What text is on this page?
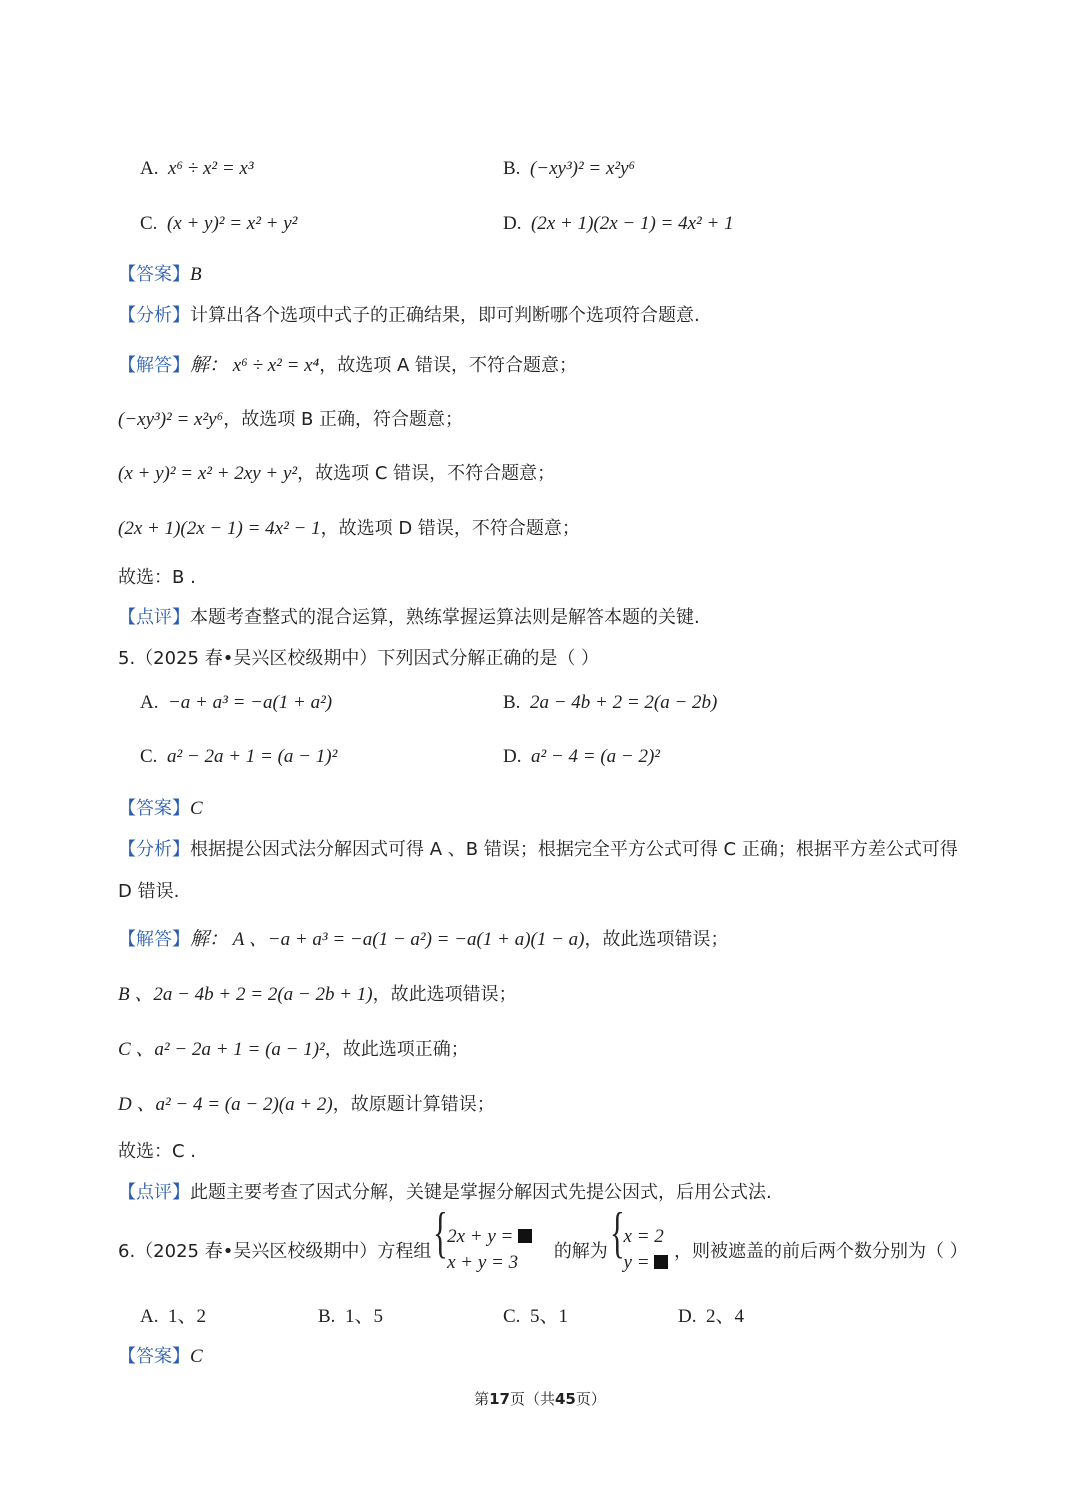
A. x⁶ ÷ x² = x³	B. (−xy³)² = x²y⁶
C. (x + y)² = x² + y²	D. (2x + 1)(2x − 1) = 4x² + 1
【答案】B
【分析】计算出各个选项中式子的正确结果，即可判断哪个选项符合题意.
【解答】解： x⁶ ÷ x² = x⁴，故选项 A 错误，不符合题意；
(−xy³)² = x²y⁶，故选项 B 正确，符合题意；
(x + y)² = x² + 2xy + y²，故选项 C 错误，不符合题意；
(2x + 1)(2x − 1) = 4x² − 1，故选项 D 错误，不符合题意；
故选：B .
【点评】本题考查整式的混合运算，熟练掌握运算法则是解答本题的关键.
5.（2025 春•吴兴区校级期中）下列因式分解正确的是（ ）
A. −a + a³ = −a(1 + a²)	B. 2a − 4b + 2 = 2(a − 2b)
C. a² − 2a + 1 = (a − 1)²	D. a² − 4 = (a − 2)²
【答案】C
【分析】根据提公因式法分解因式可得 A 、B 错误；根据完全平方公式可得 C 正确；根据平方差公式可得
D 错误.
【解答】解： A 、−a + a³ = −a(1 − a²) = −a(1 + a)(1 − a)，故此选项错误；
B 、2a − 4b + 2 = 2(a − 2b + 1)，故此选项错误；
C 、a² − 2a + 1 = (a − 1)²，故此选项正确；
D 、a² − 4 = (a − 2)(a + 2)，故原题计算错误；
故选：C .
【点评】此题主要考查了因式分解，关键是掌握分解因式先提公因式，后用公式法.
6.（2025 春•吴兴区校级期中）方程组 { 2x + y =
x + y = 3
的解为 { x = 2
y =
，则被遮盖的前后两个数分别为（ ）
A. 1、2	B. 1、5	C. 5、1	D. 2、4
【答案】C
第17页（共45页）
